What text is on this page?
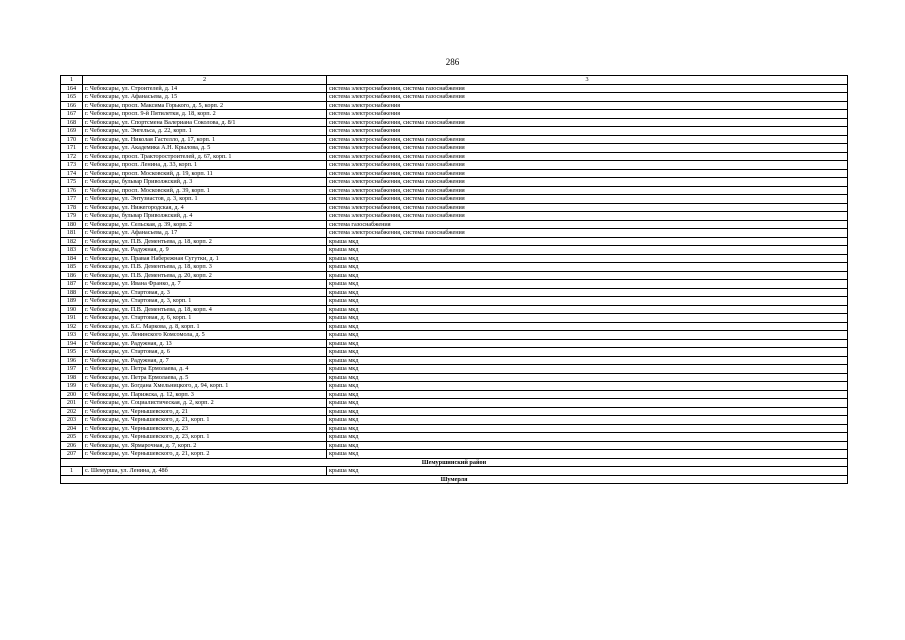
286
1	2	3
164	г. Чебоксары, ул. Строителей, д. 14	система электроснабжения, система газоснабжения
165	г. Чебоксары, ул. Афанасьева, д. 15	система электроснабжения, система газоснабжения
166	г. Чебоксары, просп. Максима Горького, д. 5, корп. 2	система электроснабжения
167	г. Чебоксары, просп. 9-й Пятилетки, д. 18, корп. 2	система электроснабжения
168	г. Чебоксары, ул. Спортсмена Валериана Соколова, д. 8/1	система электроснабжения, система газоснабжения
169	г. Чебоксары, ул. Энгельса, д. 22, корп. 1	система электроснабжения
170	г. Чебоксары, ул. Николая Гастелло, д. 17, корп. 1	система электроснабжения, система газоснабжения
171	г. Чебоксары, ул. Академика А.Н. Крылова, д. 5	система электроснабжения, система газоснабжения
172	г. Чебоксары, просп. Тракторостроителей, д. 67, корп. 1	система электроснабжения, система газоснабжения
173	г. Чебоксары, просп. Ленина, д. 33, корп. 1	система электроснабжения, система газоснабжения
174	г. Чебоксары, просп. Московский, д. 19, корп. 11	система электроснабжения, система газоснабжения
175	г. Чебоксары, бульвар Приволжский, д. 3	система электроснабжения, система газоснабжения
176	г. Чебоксары, просп. Московский, д. 39, корп. 1	система электроснабжения, система газоснабжения
177	г. Чебоксары, ул. Энтузиастов, д. 3, корп. 1	система электроснабжения, система газоснабжения
178	г. Чебоксары, ул. Нижегородская, д. 4	система электроснабжения, система газоснабжения
179	г. Чебоксары, бульвар Приволжский, д. 4	система электроснабжения, система газоснабжения
180	г. Чебоксары, ул. Сельская, д. 39, корп. 2	система газоснабжения
181	г. Чебоксары, ул. Афанасьева, д. 17	система электроснабжения, система газоснабжения
182	г. Чебоксары, ул. П.В. Дементьева, д. 18, корп. 2	крыша мкд
183	г. Чебоксары, ул. Радужная, д. 9	крыша мкд
184	г. Чебоксары, ул. Правая Набережная Сугутки, д. 1	крыша мкд
185	г. Чебоксары, ул. П.В. Дементьева, д. 18, корп. 3	крыша мкд
186	г. Чебоксары, ул. П.В. Дементьева, д. 20, корп. 2	крыша мкд
187	г. Чебоксары, ул. Ивана Франко, д. 7	крыша мкд
188	г. Чебоксары, ул. Стартовая, д. 3	крыша мкд
189	г. Чебоксары, ул. Стартовая, д. 3, корп. 1	крыша мкд
190	г. Чебоксары, ул. П.В. Дементьева, д. 18, корп. 4	крыша мкд
191	г. Чебоксары, ул. Стартовая, д. 6, корп. 1	крыша мкд
192	г. Чебоксары, ул. Б.С. Маркова, д. 8, корп. 1	крыша мкд
193	г. Чебоксары, ул. Ленинского Комсомола, д. 5	крыша мкд
194	г. Чебоксары, ул. Радужная, д. 13	крыша мкд
195	г. Чебоксары, ул. Стартовая, д. 6	крыша мкд
196	г. Чебоксары, ул. Радужная, д. 7	крыша мкд
197	г. Чебоксары, ул. Петра Ермолаева, д. 4	крыша мкд
198	г. Чебоксары, ул. Петра Ермолаева, д. 5	крыша мкд
199	г. Чебоксары, ул. Богдана Хмельницкого, д. 94, корп. 1	крыша мкд
200	г. Чебоксары, ул. Парижска, д. 12, корп. 3	крыша мкд
201	г. Чебоксары, ул. Социалистическая, д. 2, корп. 2	крыша мкд
202	г. Чебоксары, ул. Чернышевского, д. 21	крыша мкд
203	г. Чебоксары, ул. Чернышевского, д. 21, корп. 1	крыша мкд
204	г. Чебоксары, ул. Чернышевского, д. 23	крыша мкд
205	г. Чебоксары, ул. Чернышевского, д. 23, корп. 1	крыша мкд
206	г. Чебоксары, ул. Ярмарочная, д. 7, корп. 2	крыша мкд
207	г. Чебоксары, ул. Чернышевского, д. 21, корп. 2	крыша мкд
Шемуршинский район		
1	с. Шемурша, ул. Ленина, д. 48б	крыша мкд
Шумерля		
